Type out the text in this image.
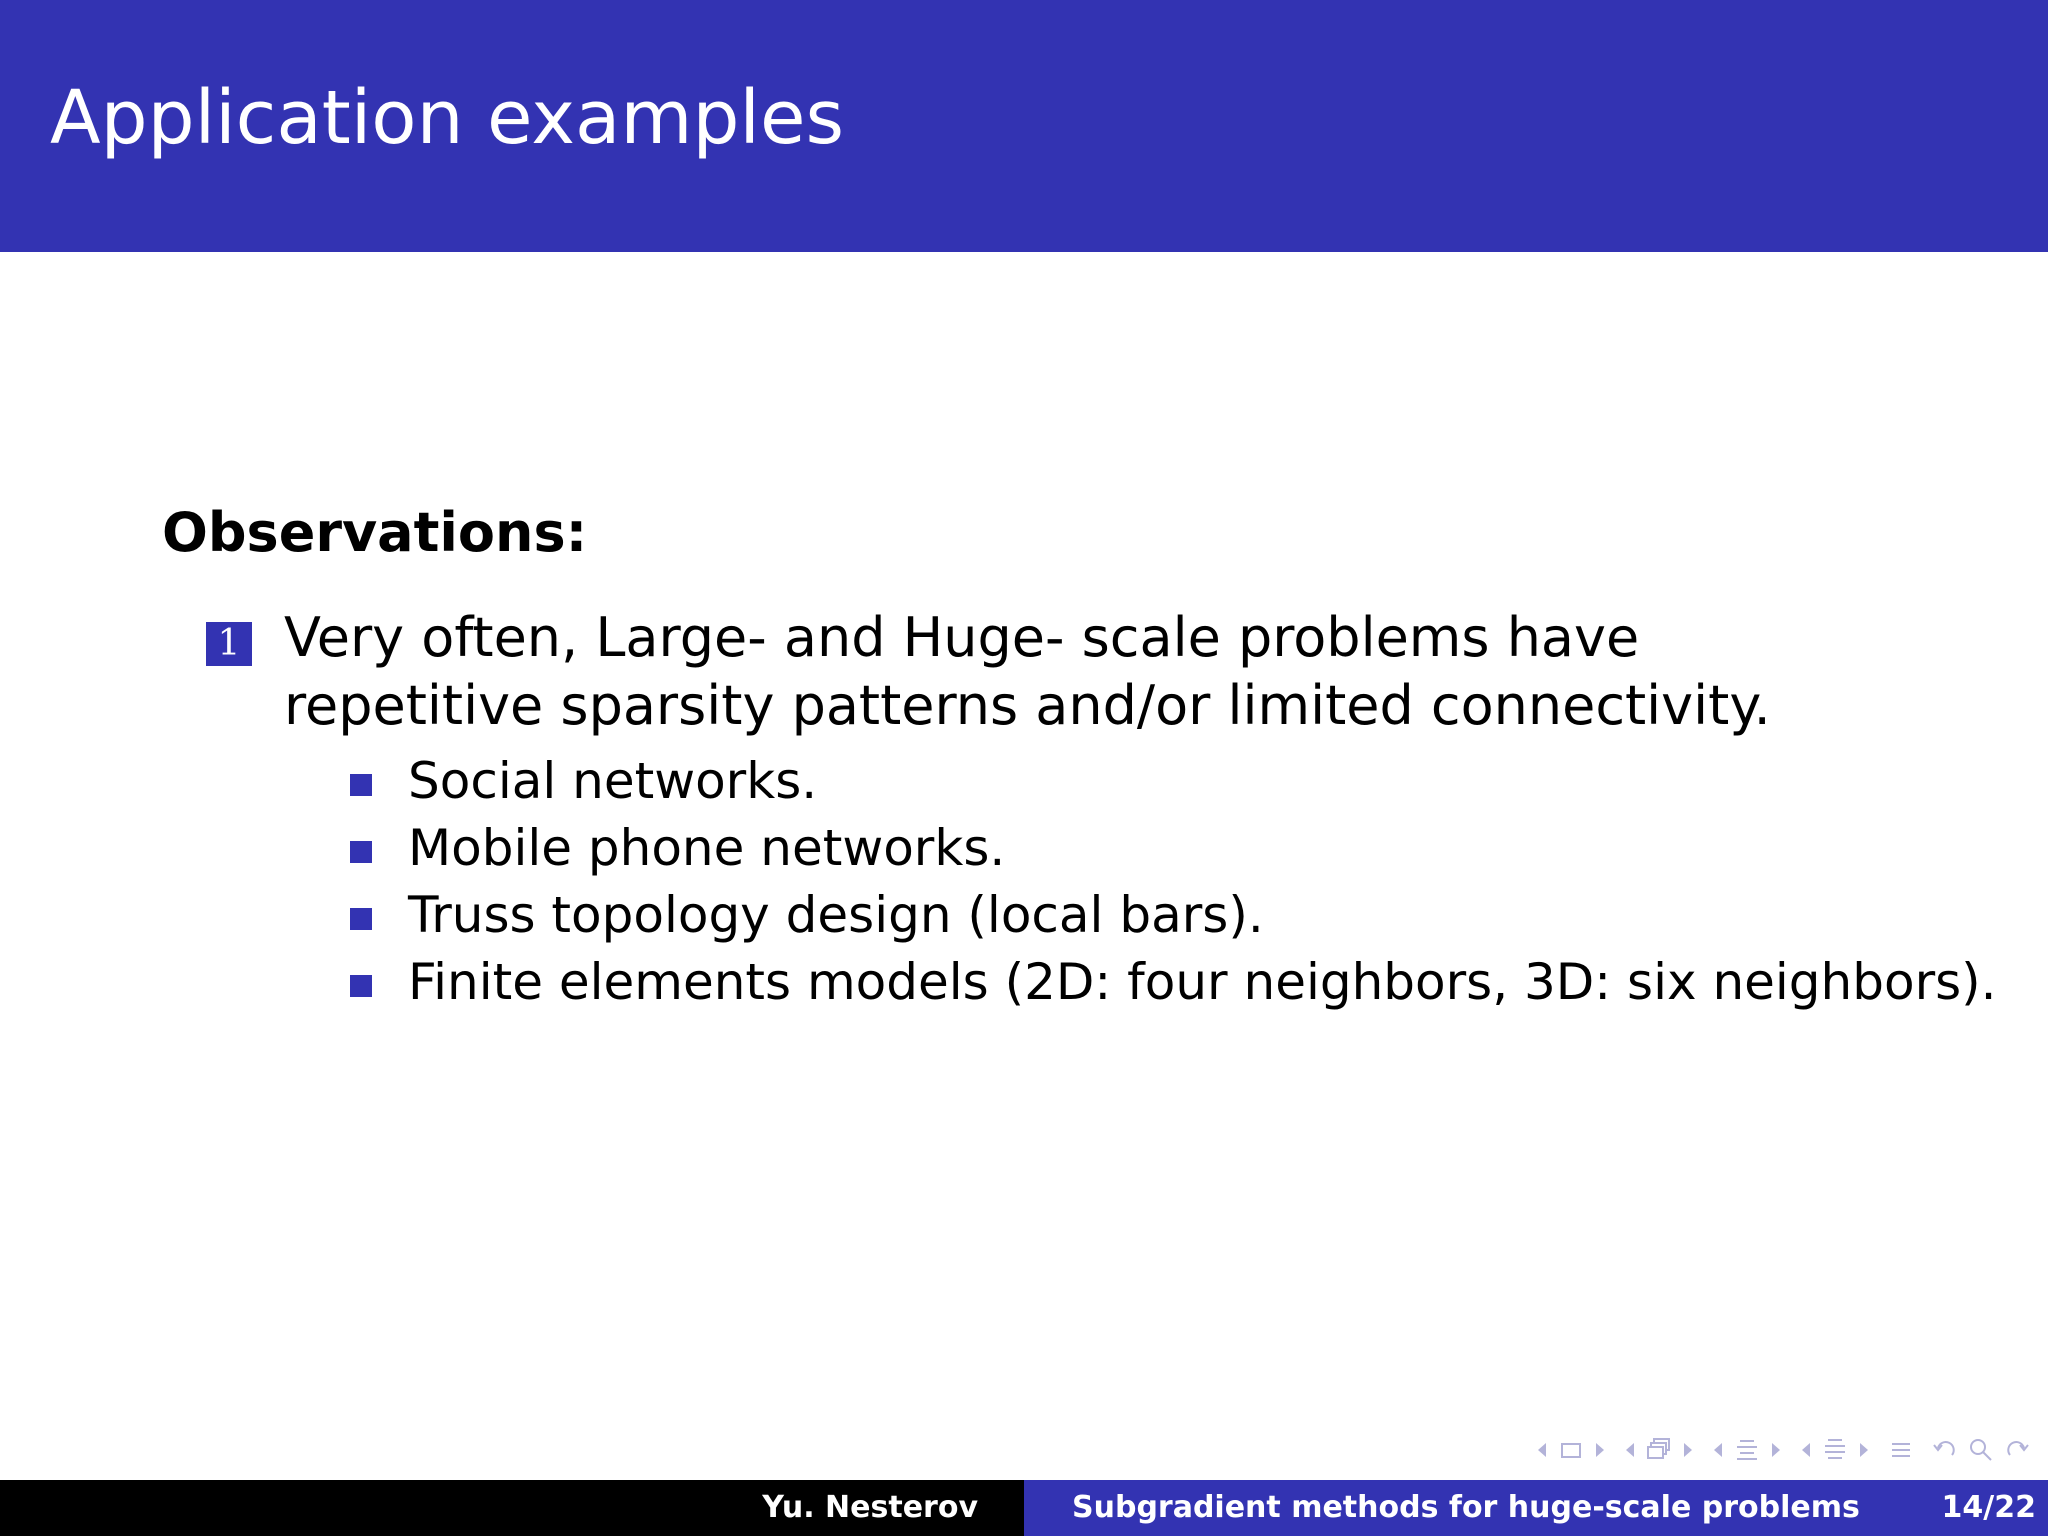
Application examples
Observations:
1 Very often, Large- and Huge- scale problems have repetitive sparsity patterns and/or limited connectivity.
Social networks.
Mobile phone networks.
Truss topology design (local bars).
Finite elements models (2D: four neighbors, 3D: six neighbors).
Yu. Nesterov	Subgradient methods for huge-scale problems	14/22
